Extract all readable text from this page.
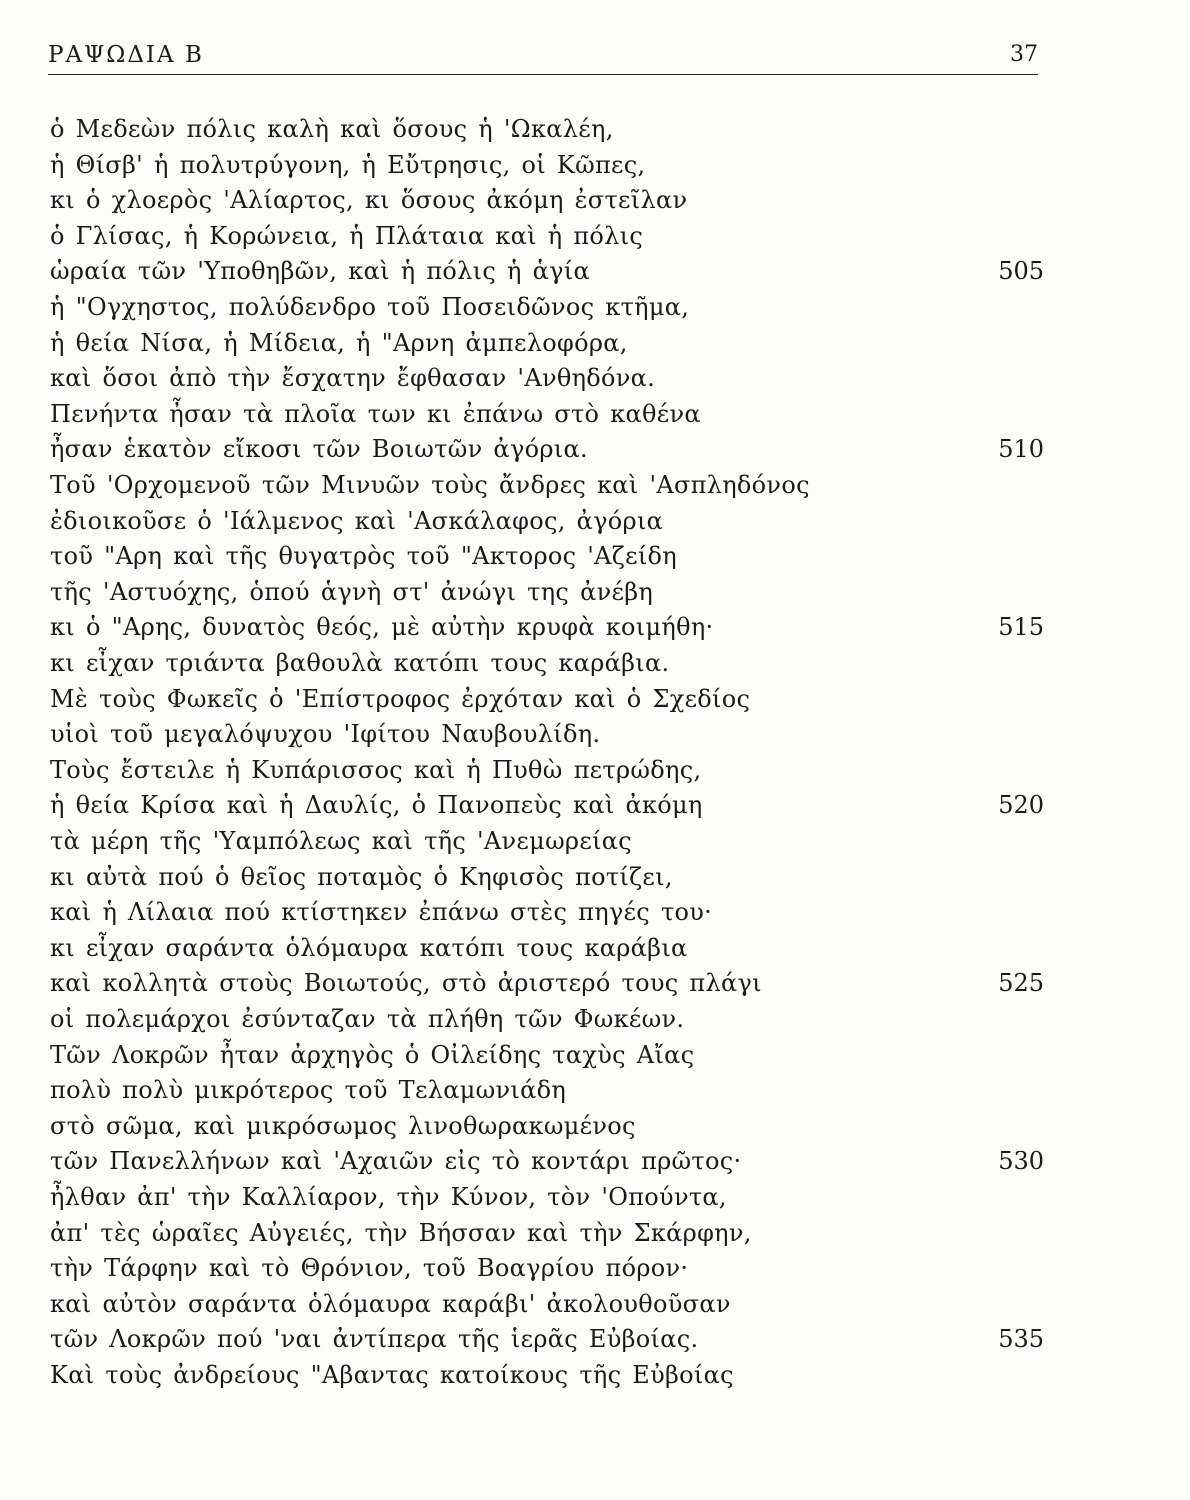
ΡΑΨΩΔΙΑ Β	37
ὁ Μεδεὼν πόλις καλὴ καὶ ὅσους ἡ 'Ωκαλέη,
ἡ Θίσβ' ἡ πολυτρύγονη, ἡ Εὔτρησις, οἱ Κῶπες,
κι ὁ χλοερὸς 'Αλίαρτος, κι ὅσους ἀκόμη ἐστεῖλαν
ὁ Γλίσας, ἡ Κορώνεια, ἡ Πλάταια καὶ ἡ πόλις
ὡραία τῶν 'Υποθηβῶν, καὶ ἡ πόλις ἡ ἁγία	505
ἡ "Ογχηστος, πολύδενδρο τοῦ Ποσειδῶνος κτῆμα,
ἡ θεία Νίσα, ἡ Μίδεια, ἡ "Αρνη ἀμπελοφόρα,
καὶ ὅσοι ἀπὸ τὴν ἔσχατην ἔφθασαν 'Ανθηδόνα.
Πενήντα ἦσαν τὰ πλοῖα των κι ἐπάνω στὸ καθένα
ἦσαν ἑκατὸν εἴκοσι τῶν Βοιωτῶν ἀγόρια.	510
Τοῦ 'Ορχομενοῦ τῶν Μινυῶν τοὺς ἄνδρες καὶ 'Ασπληδόνος
ἐδιοικοῦσε ὁ 'Ιάλμενος καὶ 'Ασκάλαφος, ἀγόρια
τοῦ "Αρη καὶ τῆς θυγατρὸς τοῦ "Ακτορος 'Αζείδη
τῆς 'Αστυόχης, ὁπού ἁγνὴ στ' ἀνώγι της ἀνέβη
κι ὁ "Αρης, δυνατὸς θεός, μὲ αὐτὴν κρυφὰ κοιμήθη·	515
κι εἶχαν τριάντα βαθουλὰ κατόπι τους καράβια.
Μὲ τοὺς Φωκεῖς ὁ 'Επίστροφος ἐρχόταν καὶ ὁ Σχεδίος
υἱοὶ τοῦ μεγαλόψυχου 'Ιφίτου Ναυβουλίδη.
Τοὺς ἔστειλε ἡ Κυπάρισσος καὶ ἡ Πυθὼ πετρώδης,
ἡ θεία Κρίσα καὶ ἡ Δαυλίς, ὁ Πανοπεὺς καὶ ἀκόμη	520
τὰ μέρη τῆς 'Υαμπόλεως καὶ τῆς 'Ανεμωρείας
κι αὐτὰ πού ὁ θεῖος ποταμὸς ὁ Κηφισὸς ποτίζει,
καὶ ἡ Λίλαια πού κτίστηκεν ἐπάνω στὲς πηγές του·
κι εἶχαν σαράντα ὁλόμαυρα κατόπι τους καράβια
καὶ κολλητὰ στοὺς Βοιωτούς, στὸ ἀριστερό τους πλάγι	525
οἱ πολεμάρχοι ἐσύνταζαν τὰ πλήθη τῶν Φωκέων.
Τῶν Λοκρῶν ἦταν ἀρχηγὸς ὁ Οἰλείδης ταχὺς Αἴας
πολὺ πολὺ μικρότερος τοῦ Τελαμωνιάδη
στὸ σῶμα, καὶ μικρόσωμος λινοθωρακωμένος
τῶν Πανελλήνων καὶ 'Αχαιῶν εἰς τὸ κοντάρι πρῶτος·	530
ἦλθαν ἀπ' τὴν Καλλίαρον, τὴν Κύνον, τὸν 'Οπούντα,
ἀπ' τὲς ὡραῖες Αὐγειές, τὴν Βήσσαν καὶ τὴν Σκάρφην,
τὴν Τάρφην καὶ τὸ Θρόνιον, τοῦ Βοαγρίου πόρον·
καὶ αὐτὸν σαράντα ὁλόμαυρα καράβι' ἀκολουθοῦσαν
τῶν Λοκρῶν πού 'ναι ἀντίπερα τῆς ἱερᾶς Εὐβοίας.	535
Καὶ τοὺς ἀνδρείους "Αβαντας κατοίκους τῆς Εὐβοίας
